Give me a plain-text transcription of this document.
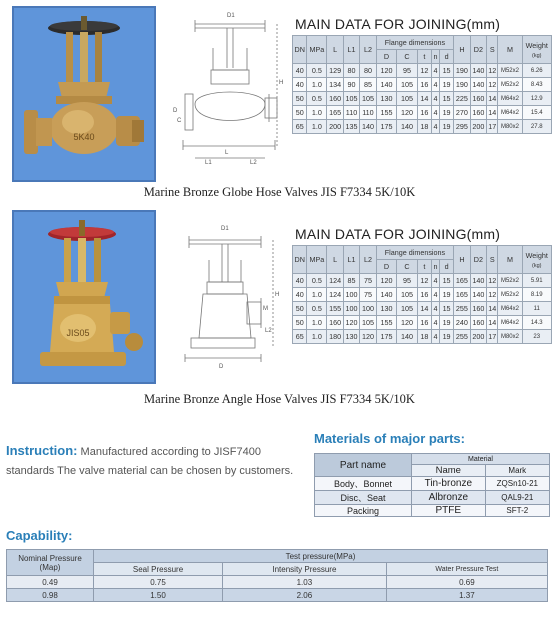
5K40
D1
H
L
L1	L2
D
C
MAIN DATA FOR JOINING(mm)
DN	MPa	L	L1	L2	Flange dimensions					H	D2	S	M	Weight
(kg)
					D	C	t	n	d					
40	0.5	129	80	80	120	95	12	4	15	190	140	12	M52x2	6.26
40	1.0	134	90	85	140	105	16	4	19	190	140	12	M52x2	8.43
50	0.5	160	105	105	130	105	14	4	15	225	160	14	M64x2	12.9
50	1.0	165	110	110	155	120	16	4	19	270	160	14	M64x2	15.4
65	1.0	200	135	140	175	140	18	4	19	295	200	17	M80x2	27.8
Marine Bronze Globe Hose Valves JIS F7334 5K/10K
JIS05
D1
H
D
L2
M
MAIN DATA FOR JOINING(mm)
DN	MPa	L	L1	L2	Flange dimensions					H	D2	S	M	Weight
(kg)
					D	C	t	n	d					
40	0.5	124	85	75	120	95	12	4	15	165	140	12	M52x2	5.91
40	1.0	124	100	75	140	105	16	4	19	165	140	12	M52x2	8.19
50	0.5	155	100	100	130	105	14	4	15	255	160	14	M64x2	11
50	1.0	160	120	105	155	120	16	4	19	240	160	14	M64x2	14.3
65	1.0	180	130	120	175	140	18	4	19	255	200	17	M80x2	23
Marine Bronze Angle Hose Valves JIS F7334 5K/10K
Instruction: Manufactured according to JISF7400 standards The valve material can be chosen by customers.
Materials of major parts:
Part name	Material	
	Name	Mark
Body、Bonnet	Tin-bronze	ZQSn10-21
Disc、Seat	Albronze	QAL9-21
Packing	PTFE	SFT-2
Capability:
Nominal Pressure (Map)	Test pressure(MPa)		
	Seal Pressure	Intensity Pressure	Water Pressure Test
0.49	0.75	1.03	0.69
0.98	1.50	2.06	1.37
